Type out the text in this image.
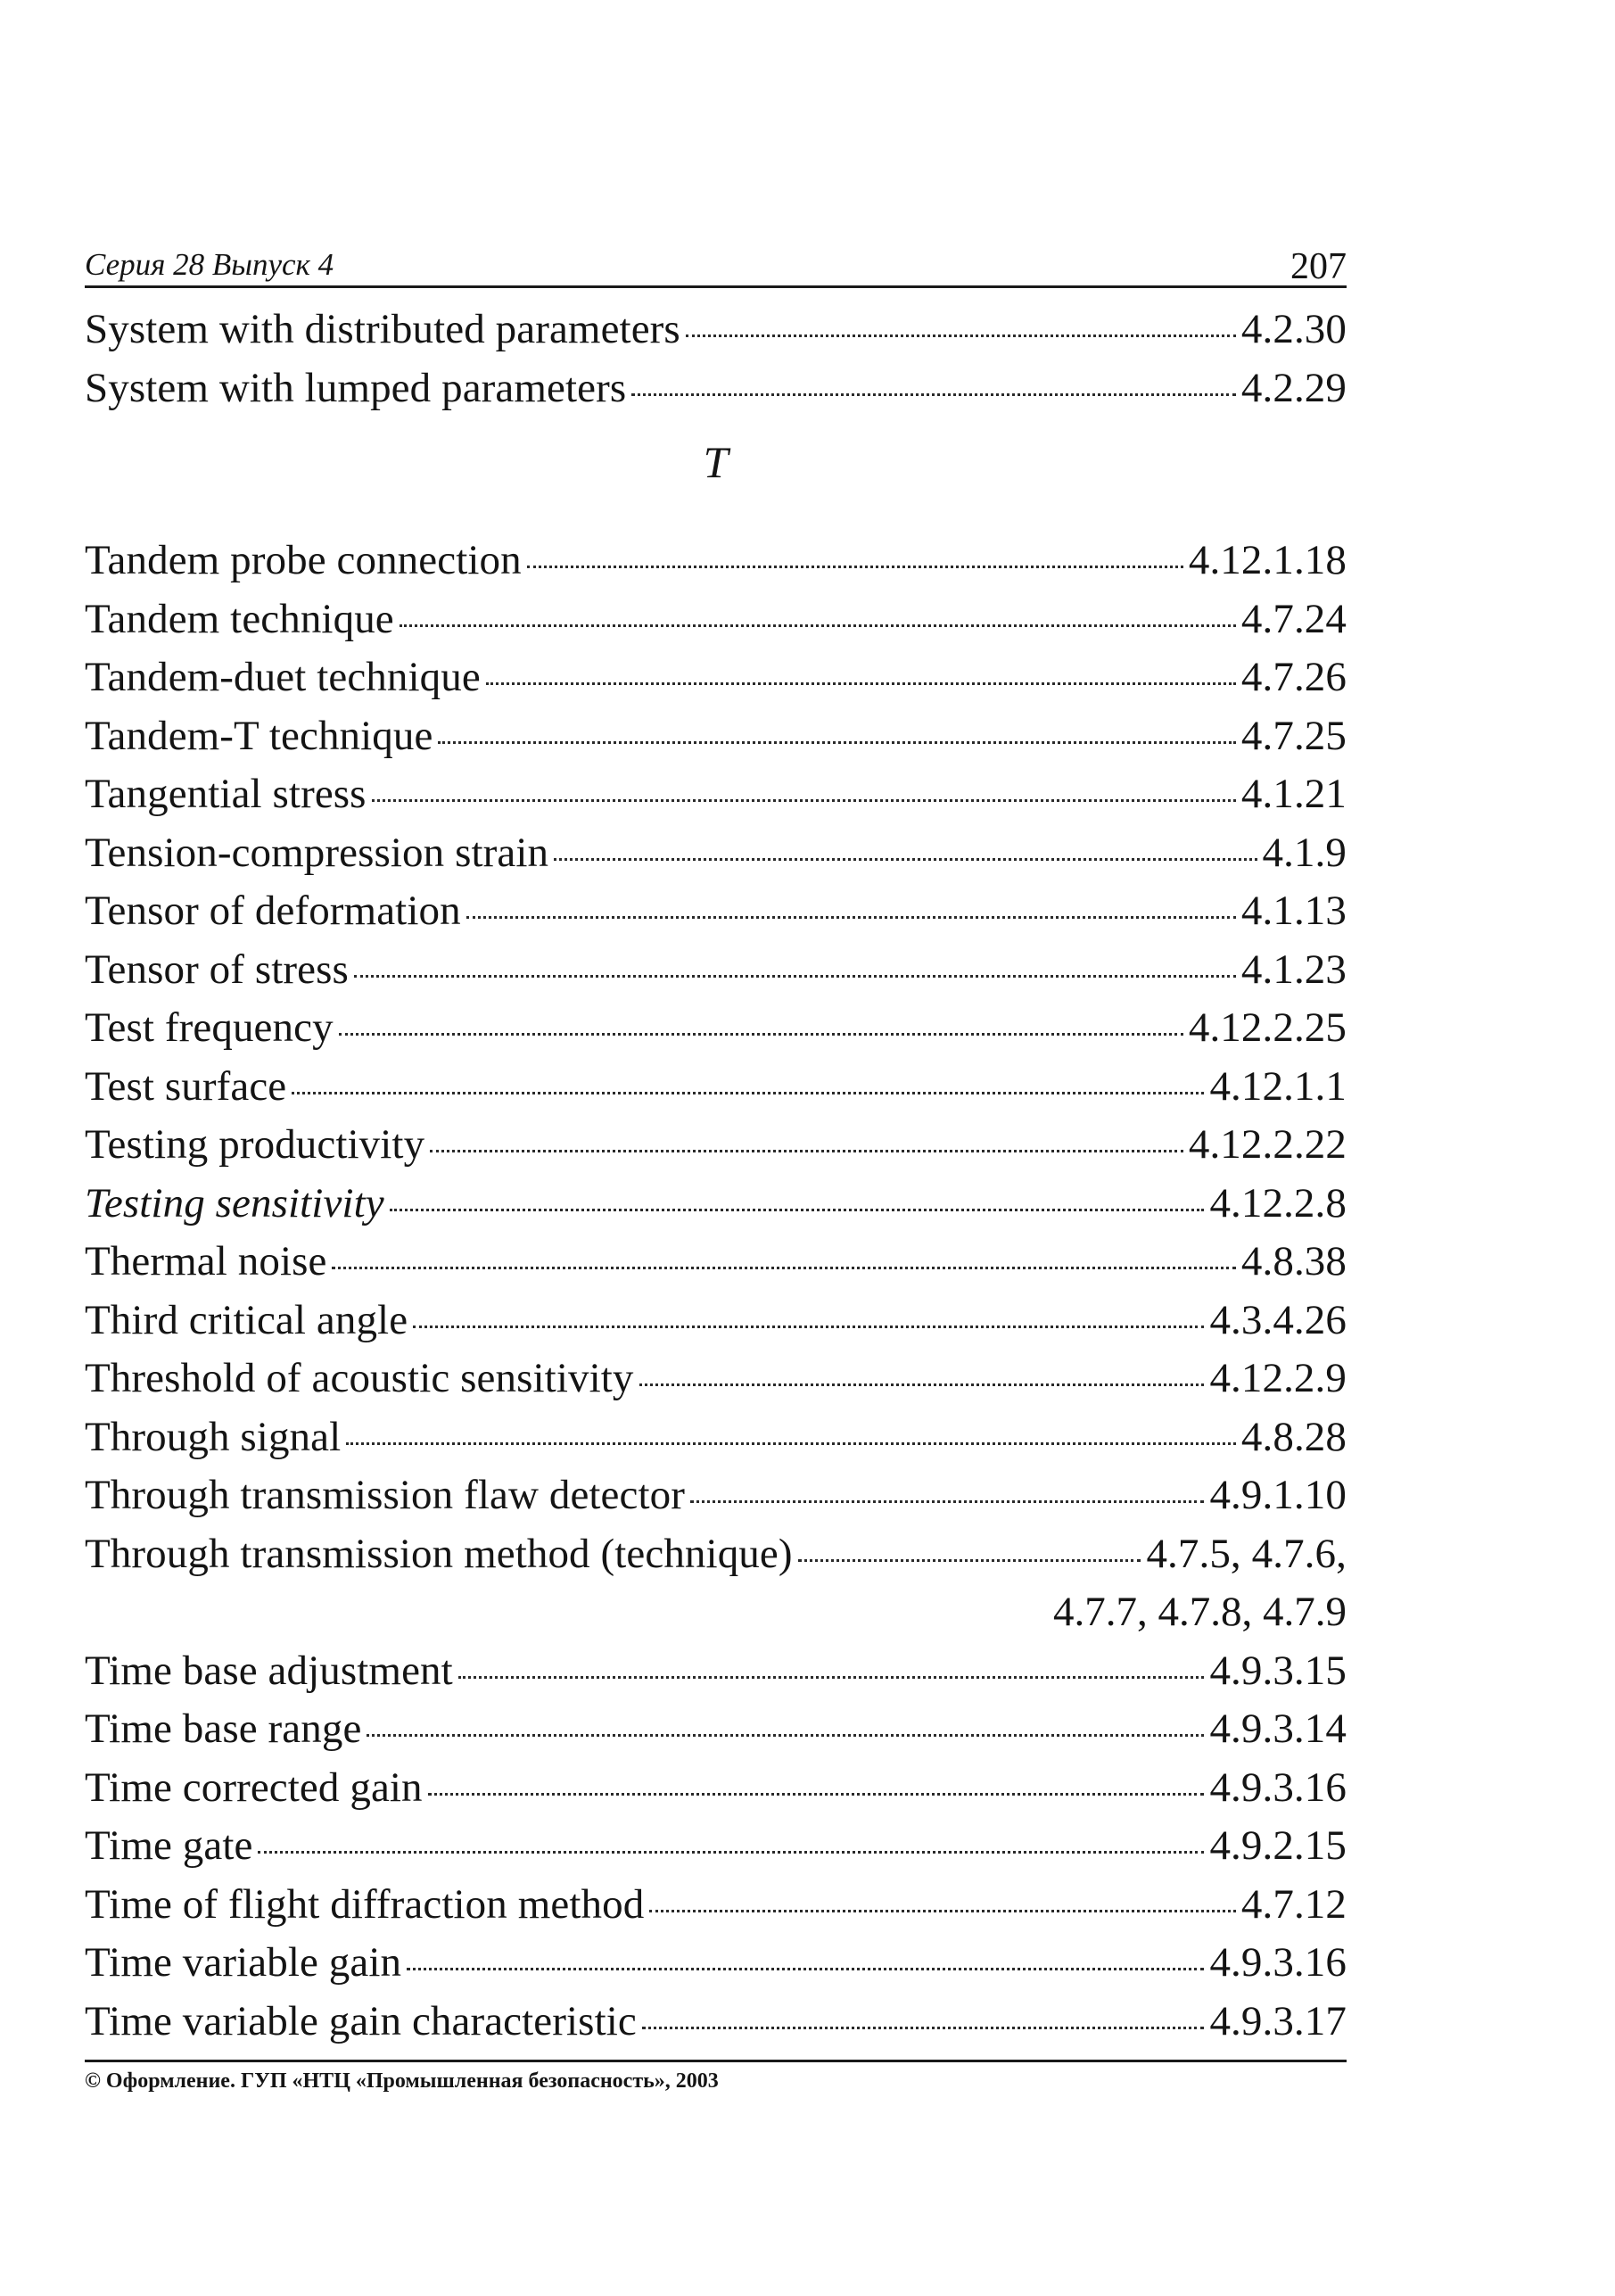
Серия 28 Выпуск 4	207
System with distributed parameters	4.2.30
System with lumped parameters	4.2.29
T
Tandem probe connection	4.12.1.18
Tandem technique	4.7.24
Tandem-duet technique	4.7.26
Tandem-T technique	4.7.25
Tangential stress	4.1.21
Tension-compression strain	4.1.9
Tensor of deformation	4.1.13
Tensor of stress	4.1.23
Test frequency	4.12.2.25
Test surface	4.12.1.1
Testing productivity	4.12.2.22
Testing sensitivity	4.12.2.8
Thermal noise	4.8.38
Third critical angle	4.3.4.26
Threshold of acoustic sensitivity	4.12.2.9
Through signal	4.8.28
Through transmission flaw detector	4.9.1.10
Through transmission method (technique)	4.7.5, 4.7.6,
4.7.7, 4.7.8, 4.7.9
Time base adjustment	4.9.3.15
Time base range	4.9.3.14
Time corrected gain	4.9.3.16
Time gate	4.9.2.15
Time of flight diffraction method	4.7.12
Time variable gain	4.9.3.16
Time variable gain characteristic	4.9.3.17
© Оформление. ГУП «НТЦ «Промышленная безопасность», 2003
